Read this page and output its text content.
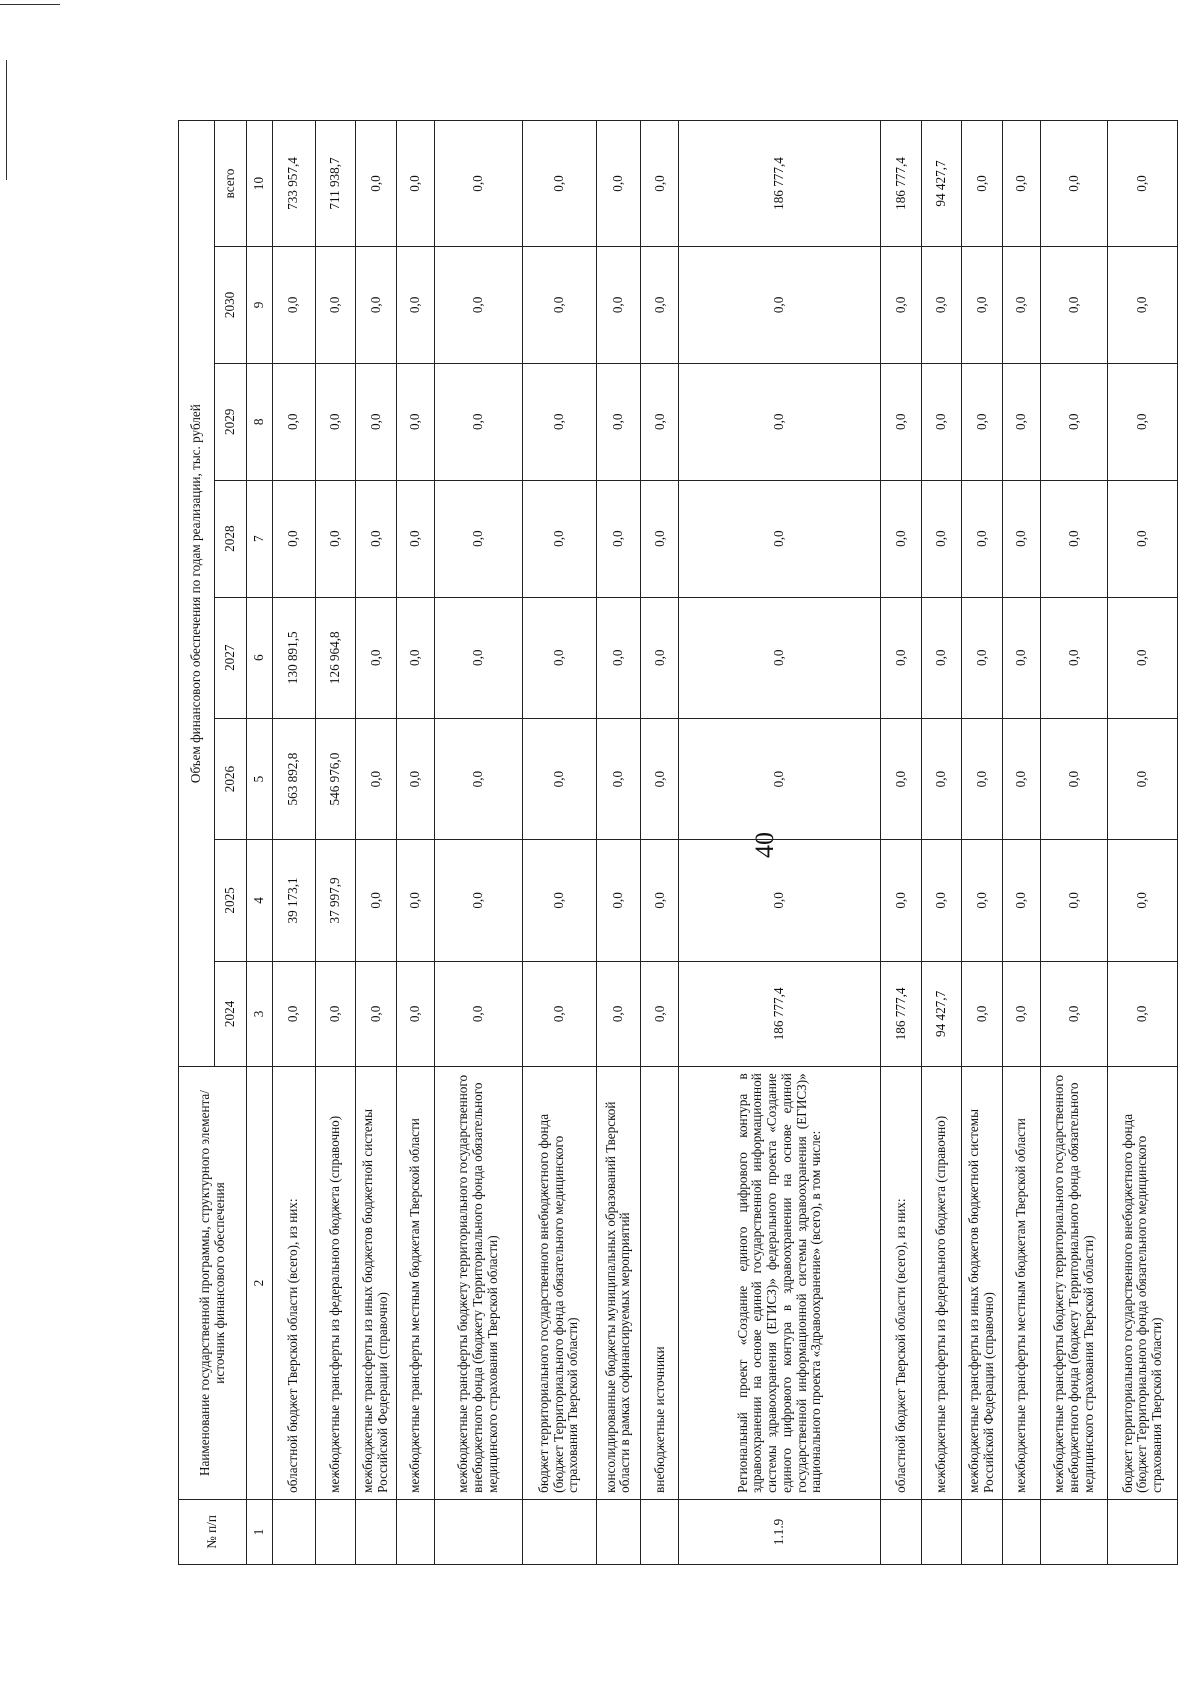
40
№ п/п	Наименование государственной программы, структурного элемента/источник финансового обеспечения	Объем финансового обеспечения по годам реализации, тыс. рублей							
		2024	2025	2026	2027	2028	2029	2030	всего
1	2	3	4	5	6	7	8	9	10
	областной бюджет Тверской области (всего), из них:	0,0	39 173,1	563 892,8	130 891,5	0,0	0,0	0,0	733 957,4
	межбюджетные трансферты из федерального бюджета (справочно)	0,0	37 997,9	546 976,0	126 964,8	0,0	0,0	0,0	711 938,7
	межбюджетные трансферты из иных бюджетов бюджетной системы Российской Федерации (справочно)	0,0	0,0	0,0	0,0	0,0	0,0	0,0	0,0
	межбюджетные трансферты местным бюджетам Тверской области	0,0	0,0	0,0	0,0	0,0	0,0	0,0	0,0
	межбюджетные трансферты бюджету территориального государственного внебюджетного фонда (бюджету Территориального фонда обязательного медицинского страхования Тверской области)	0,0	0,0	0,0	0,0	0,0	0,0	0,0	0,0
	бюджет территориального государственного внебюджетного фонда (бюджет Территориального фонда обязательного медицинского страхования Тверской области)	0,0	0,0	0,0	0,0	0,0	0,0	0,0	0,0
	консолидированные бюджеты муниципальных образований Тверской области в рамках софинансируемых мероприятий	0,0	0,0	0,0	0,0	0,0	0,0	0,0	0,0
	внебюджетные источники	0,0	0,0	0,0	0,0	0,0	0,0	0,0	0,0
1.1.9	Региональный проект «Создание единого цифрового контура в здравоохранении на основе единой государственной информационной системы здравоохранения (ЕГИСЗ)» федерального проекта «Создание единого цифрового контура в здравоохранении на основе единой государственной информационной системы здравоохранения (ЕГИСЗ)» национального проекта «Здравоохранение» (всего), в том числе:	186 777,4	0,0	0,0	0,0	0,0	0,0	0,0	186 777,4
	областной бюджет Тверской области (всего), из них:	186 777,4	0,0	0,0	0,0	0,0	0,0	0,0	186 777,4
	межбюджетные трансферты из федерального бюджета (справочно)	94 427,7	0,0	0,0	0,0	0,0	0,0	0,0	94 427,7
	межбюджетные трансферты из иных бюджетов бюджетной системы Российской Федерации (справочно)	0,0	0,0	0,0	0,0	0,0	0,0	0,0	0,0
	межбюджетные трансферты местным бюджетам Тверской области	0,0	0,0	0,0	0,0	0,0	0,0	0,0	0,0
	межбюджетные трансферты бюджету территориального государственного внебюджетного фонда (бюджету Территориального фонда обязательного медицинского страхования Тверской области)	0,0	0,0	0,0	0,0	0,0	0,0	0,0	0,0
	бюджет территориального государственного внебюджетного фонда (бюджет Территориального фонда обязательного медицинского страхования Тверской области)	0,0	0,0	0,0	0,0	0,0	0,0	0,0	0,0
